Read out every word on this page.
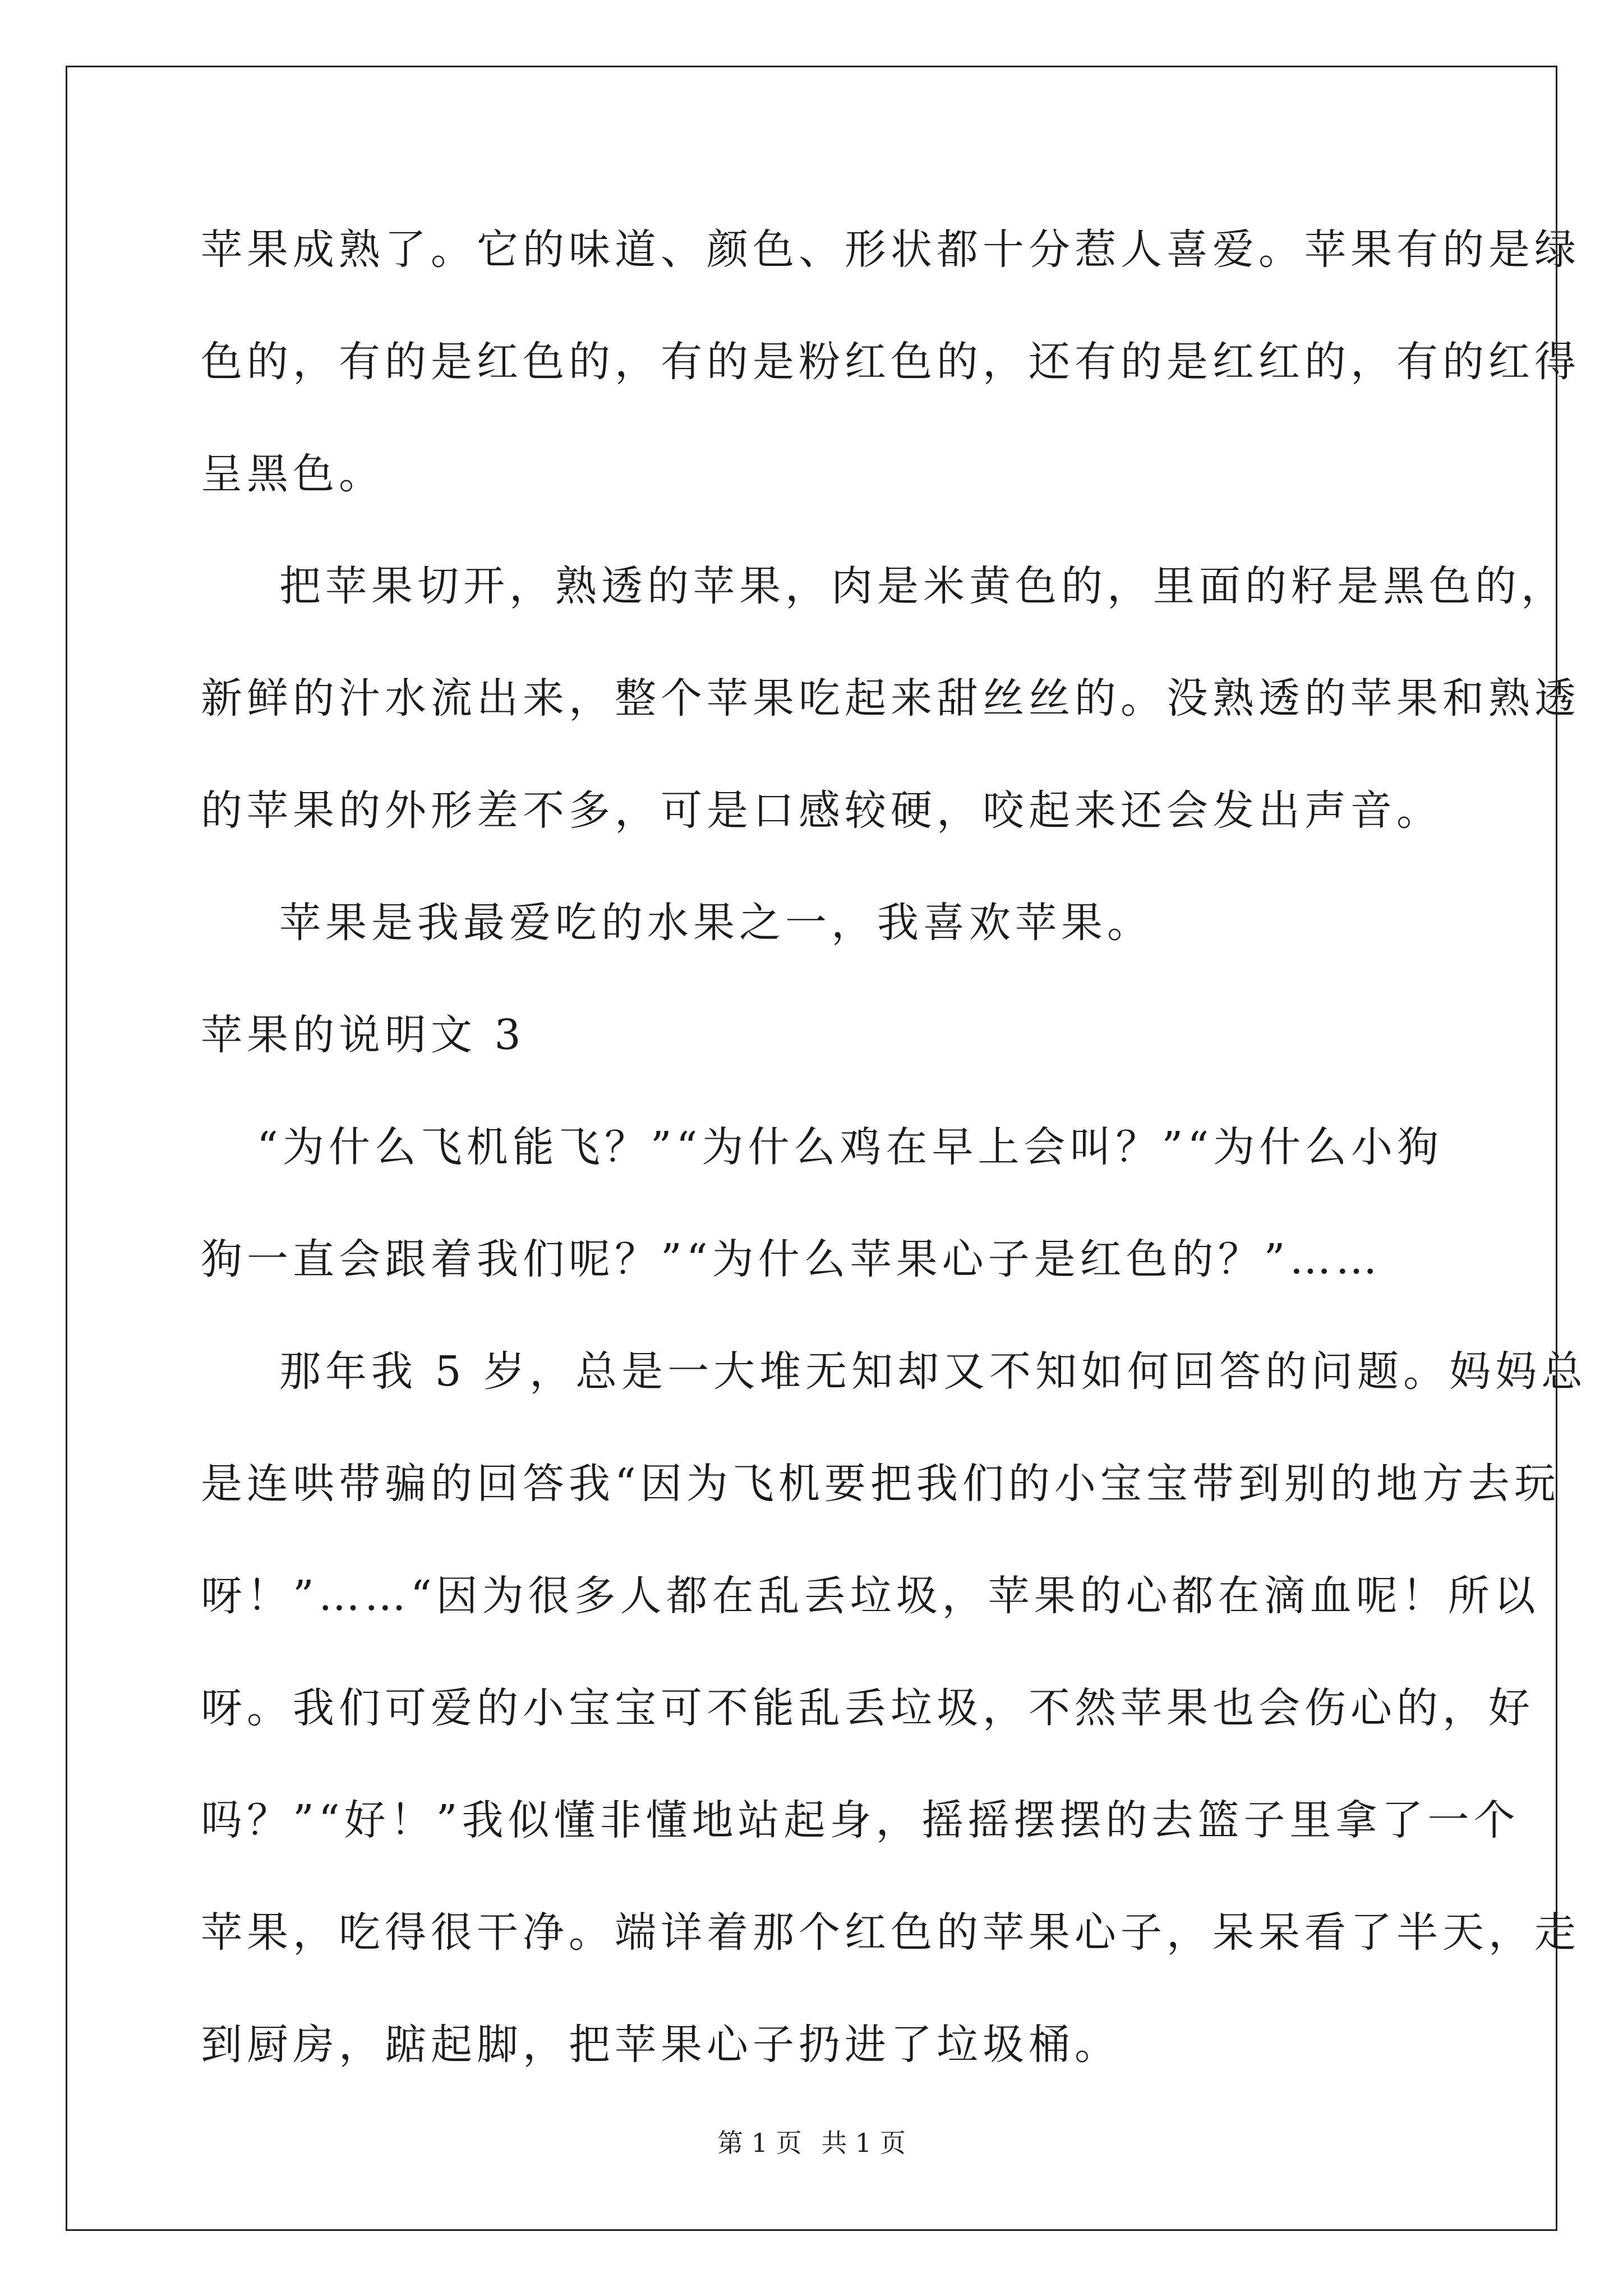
苹果成熟了。它的味道、颜色、形状都十分惹人喜爱。苹果有的是绿
色的，有的是红色的，有的是粉红色的，还有的是红红的，有的红得
呈黑色。
把苹果切开，熟透的苹果，肉是米黄色的，里面的籽是黑色的，
新鲜的汁水流出来，整个苹果吃起来甜丝丝的。没熟透的苹果和熟透
的苹果的外形差不多，可是口感较硬，咬起来还会发出声音。
苹果是我最爱吃的水果之一，我喜欢苹果。
苹果的说明文 3
“为什么飞机能飞？”“为什么鸡在早上会叫？”“为什么小狗
狗一直会跟着我们呢？”“为什么苹果心子是红色的？”……
那年我 5 岁，总是一大堆无知却又不知如何回答的问题。妈妈总
是连哄带骗的回答我“因为飞机要把我们的小宝宝带到别的地方去玩
呀！”……“因为很多人都在乱丢垃圾，苹果的心都在滴血呢！所以
呀。我们可爱的小宝宝可不能乱丢垃圾，不然苹果也会伤心的，好
吗？”“好！”我似懂非懂地站起身，摇摇摆摆的去篮子里拿了一个
苹果，吃得很干净。端详着那个红色的苹果心子，呆呆看了半天，走
到厨房，踮起脚，把苹果心子扔进了垃圾桶。
第 1 页 共 1 页
